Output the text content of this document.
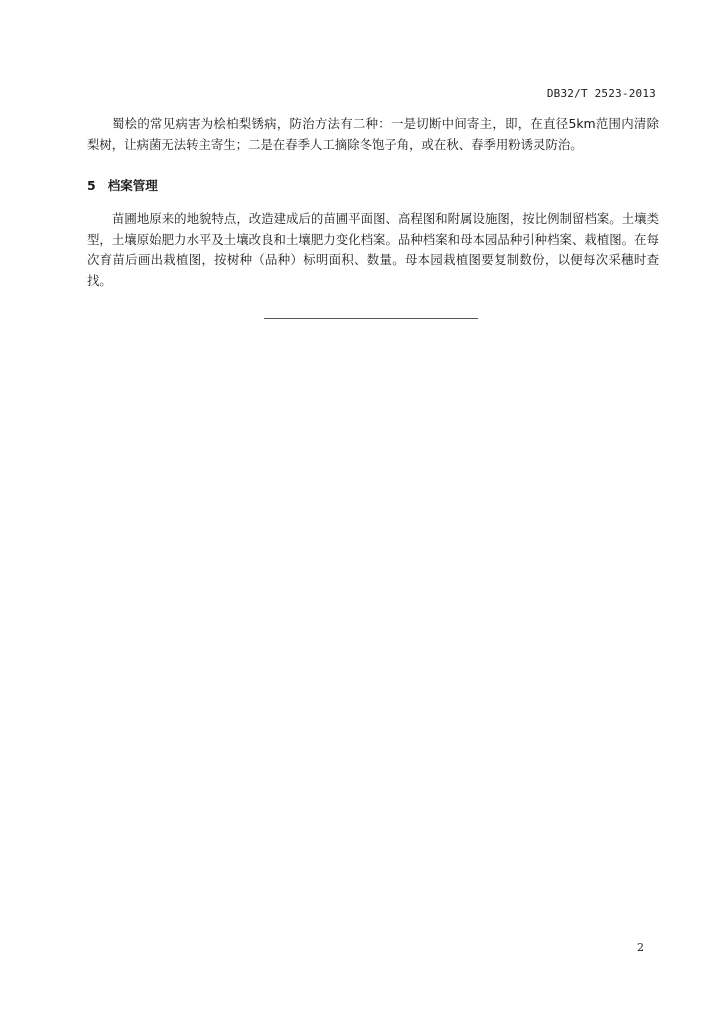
DB32/T 2523-2013

蜀桧的常见病害为桧柏梨锈病，防治方法有二种：一是切断中间寄主，即，在直径5km范围内清除梨树，让病菌无法转主寄生；二是在春季人工摘除冬饱子角，或在秋、春季用粉诱灵防治。

5 档案管理

苗圃地原来的地貌特点，改造建成后的苗圃平面图、高程图和附属设施图，按比例制留档案。土壤类型，土壤原始肥力水平及土壤改良和土壤肥力变化档案。品种档案和母本园品种引种档案、栽植图。在每次育苗后画出栽植图，按树种（品种）标明面积、数量。母本园栽植图要复制数份，以便每次采穗时查找。

2
